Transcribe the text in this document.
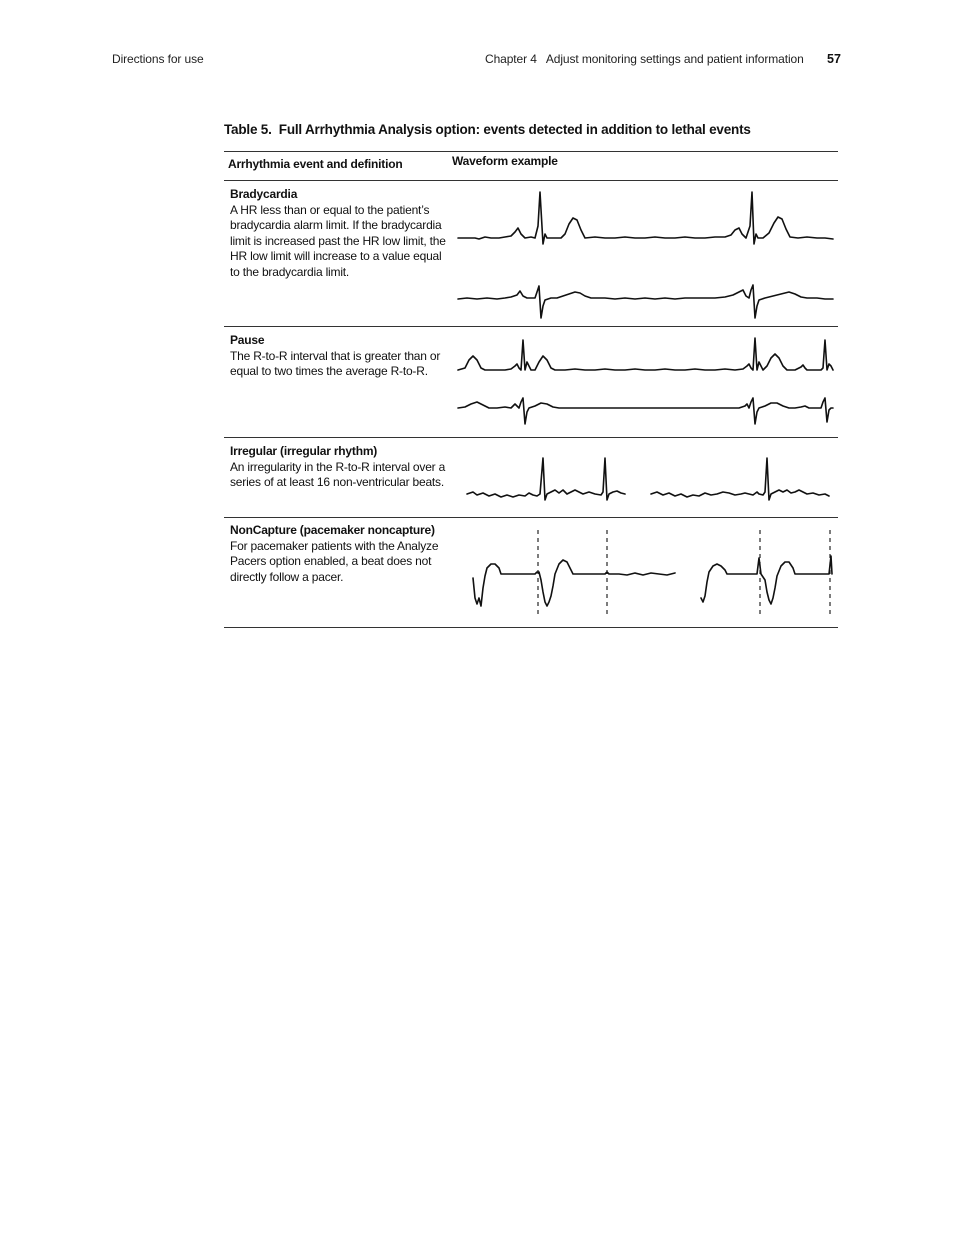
Directions for use	Chapter 4   Adjust monitoring settings and patient information 57
Table 5.  Full Arrhythmia Analysis option: events detected in addition to lethal events
Arrhythmia event and definition	Waveform example
Bradycardia
A HR less than or equal to the patient’s bradycardia alarm limit. If the bradycardia limit is increased past the HR low limit, the HR low limit will increase to a value equal to the bradycardia limit.
Pause
The R-to-R interval that is greater than or equal to two times the average R-to-R.
Irregular (irregular rhythm)
An irregularity in the R-to-R interval over a series of at least 16 non-ventricular beats.
NonCapture (pacemaker noncapture)
For pacemaker patients with the Analyze Pacers option enabled, a beat does not directly follow a pacer.
